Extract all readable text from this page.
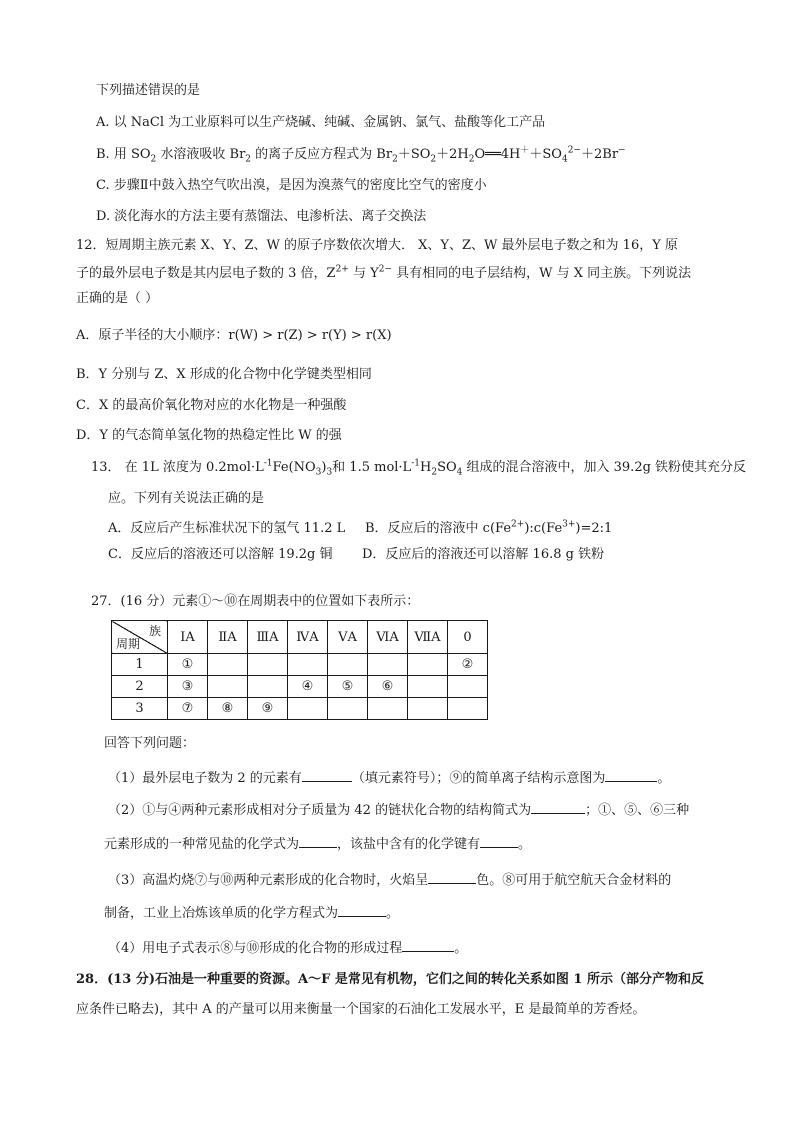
下列描述错误的是
A. 以 NaCl 为工业原料可以生产烧碱、纯碱、金属钠、氯气、盐酸等化工产品
B. 用 $SO_2$ 水溶液吸收 $Br_2$ 的离子反应方程式为 $Br_2+SO_2+2H_2O══4H^++SO_4^{2-}+2Br^-$
C. 步骤Ⅱ中鼓入热空气吹出溴，是因为溴蒸气的密度比空气的密度小
D. 淡化海水的方法主要有蒸馏法、电渗析法、离子交换法
12．短周期主族元素 X、Y、Z、W 的原子序数依次增大． X、Y、Z、W 最外层电子数之和为 16，Y 原
子的最外层电子数是其内层电子数的 3 倍，$Z^{2+}$ 与 $Y^{2-}$ 具有相同的电子层结构，W 与 X 同主族。下列说法
正确的是（ ）
A．原子半径的大小顺序：r(W) > r(Z) > r(Y) > r(X)
B．Y 分别与 Z、X 形成的化合物中化学键类型相同
C．X 的最高价氧化物对应的水化物是一种强酸
D．Y 的气态简单氢化物的热稳定性比 W 的强
13． 在 1L 浓度为 $0.2mol\cdot L^{-1}Fe(NO_3)_3$和 1.5 $mol\cdot L^{-1}H_2SO_4$ 组成的混合溶液中，加入 39.2g 铁粉使其充分反
应。下列有关说法正确的是
A．反应后产生标准状况下的氢气 11.2 L B．反应后的溶液中 $c(Fe^{2+}):c(Fe^{3+})=2:1$
C．反应后的溶液还可以溶解 19.2g 铜 D．反应后的溶液还可以溶解 16.8 g 铁粉
27．(16 分）元素①～⑩在周期表中的位置如下表所示：
族
周期	ⅠA	ⅡA	ⅢA	ⅣA	ⅤA	ⅥA	ⅦA	0
1	①							②
2	③			④	⑤	⑥		
3	⑦	⑧	⑨					
回答下列问题：
（1）最外层电子数为 2 的元素有	（填元素符号）；⑨的简单离子结构示意图为	。
（2）①与④两种元素形成相对分子质量为 42 的链状化合物的结构简式为	；①、⑤、⑥三种
元素形成的一种常见盐的化学式为	，该盐中含有的化学键有	。
（3）高温灼烧⑦与⑩两种元素形成的化合物时，火焰呈	色。⑧可用于航空航天合金材料的
制备，工业上冶炼该单质的化学方程式为	。
（4）用电子式表示⑧与⑩形成的化合物的形成过程	。
28．(13 分)石油是一种重要的资源。A～F 是常见有机物，它们之间的转化关系如图 1 所示（部分产物和反
应条件已略去)，其中 A 的产量可以用来衡量一个国家的石油化工发展水平，E 是最简单的芳香烃。
